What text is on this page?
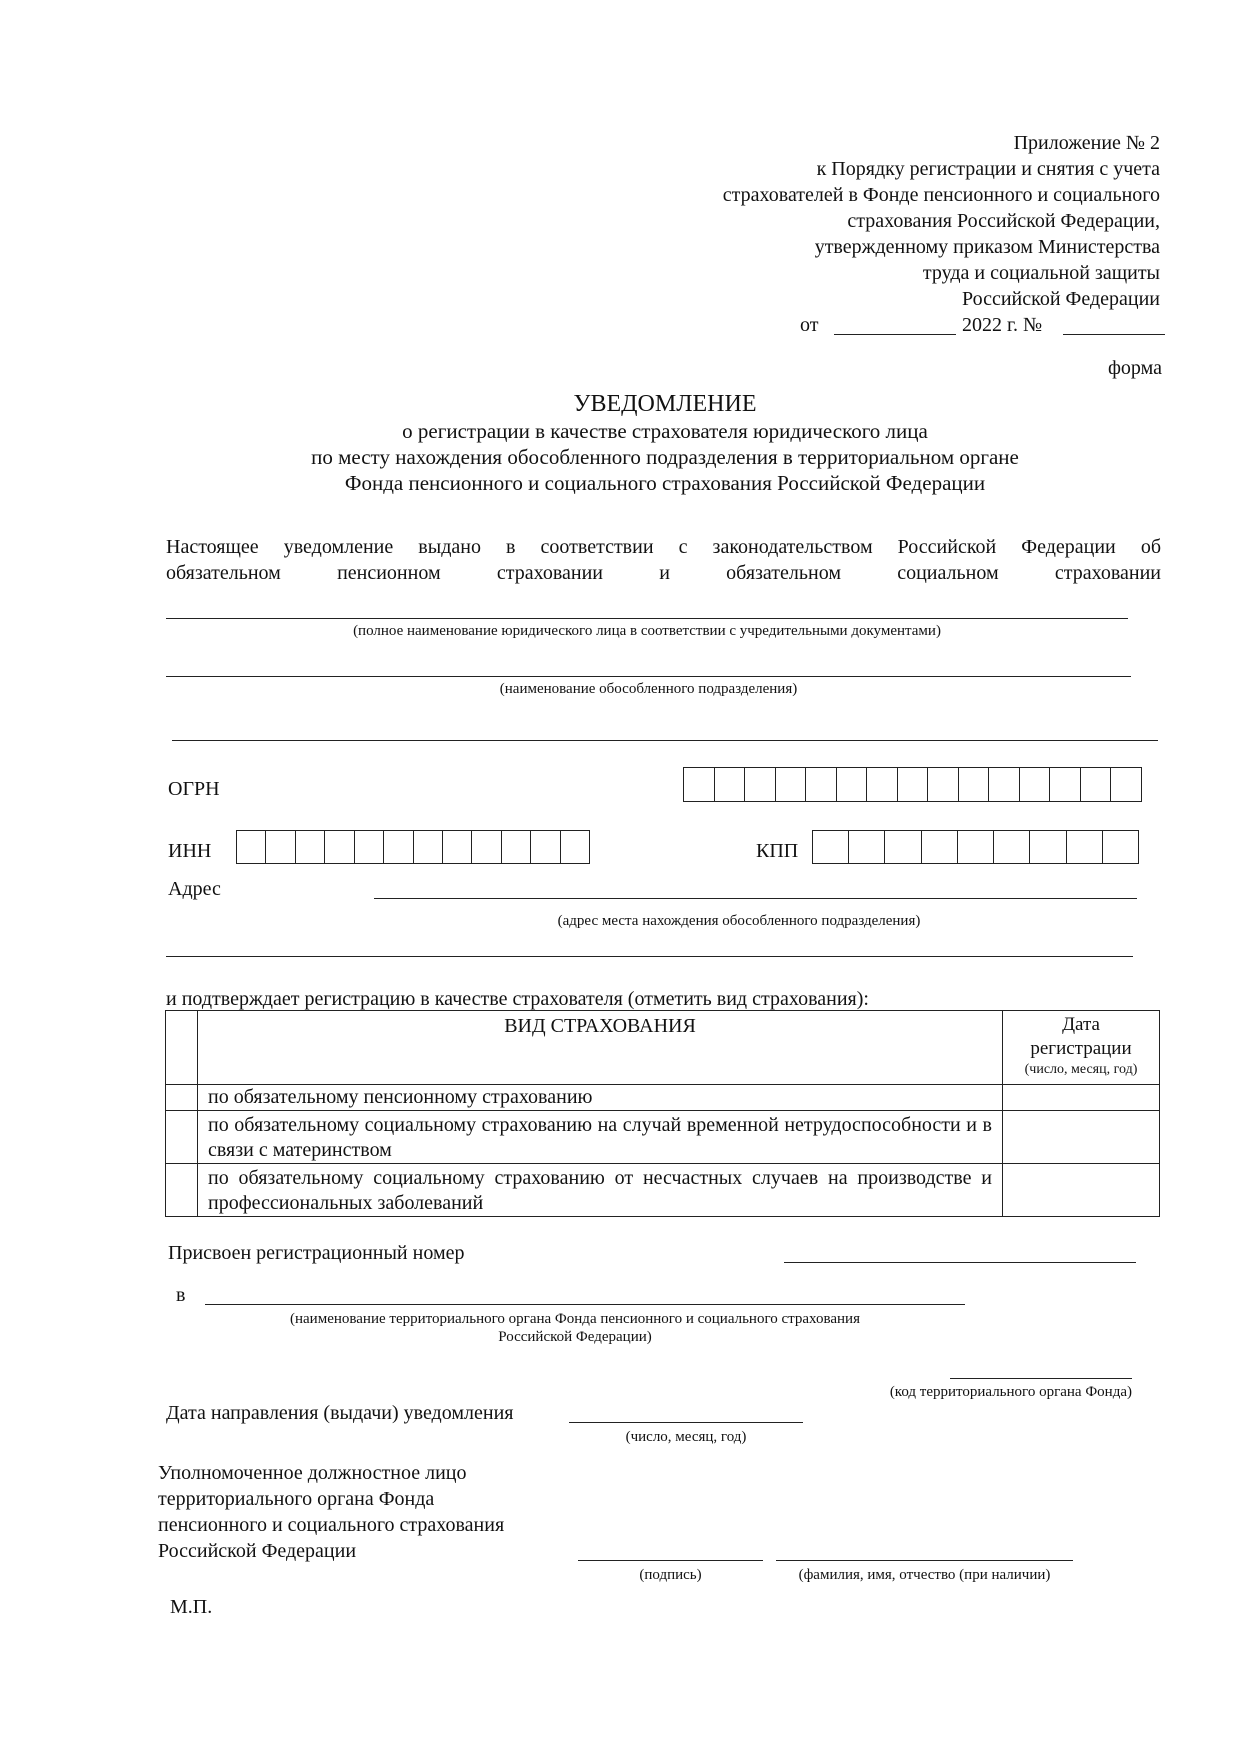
Приложение № 2
к Порядку регистрации и снятия с учета
страхователей в Фонде пенсионного и социального
страхования Российской Федерации,
утвержденному приказом Министерства
труда и социальной защиты
Российской Федерации
от	2022 г. №
форма
УВЕДОМЛЕНИЕ
о регистрации в качестве страхователя юридического лица
по месту нахождения обособленного подразделения в территориальном органе
Фонда пенсионного и социального страхования Российской Федерации
Настоящее уведомление выдано в соответствии с законодательством Российской Федерации об
обязательном пенсионном страховании и обязательном социальном страховании
(полное наименование юридического лица в соответствии с учредительными документами)
(наименование обособленного подразделения)
ОГРН
ИНН	КПП
Адрес
(адрес места нахождения обособленного подразделения)
и подтверждает регистрацию в качестве страхователя (отметить вид страхования):

	ВИД СТРАХОВАНИЯ	Дата
регистрации
(число, месяц, год)

	по обязательному пенсионному страхованию	

	по обязательному социальному страхованию на случай временной нетрудоспособности и в связи с материнством	

	по обязательному социальному страхованию от несчастных случаев на производстве и профессиональных заболеваний	

Присвоен регистрационный номер
в
(наименование территориального органа Фонда пенсионного и социального страхования
Российской Федерации)
(код территориального органа Фонда)
Дата направления (выдачи) уведомления
(число, месяц, год)
Уполномоченное должностное лицо
территориального органа Фонда
пенсионного и социального страхования
Российской Федерации
(подпись)	(фамилия, имя, отчество (при наличии)
М.П.
